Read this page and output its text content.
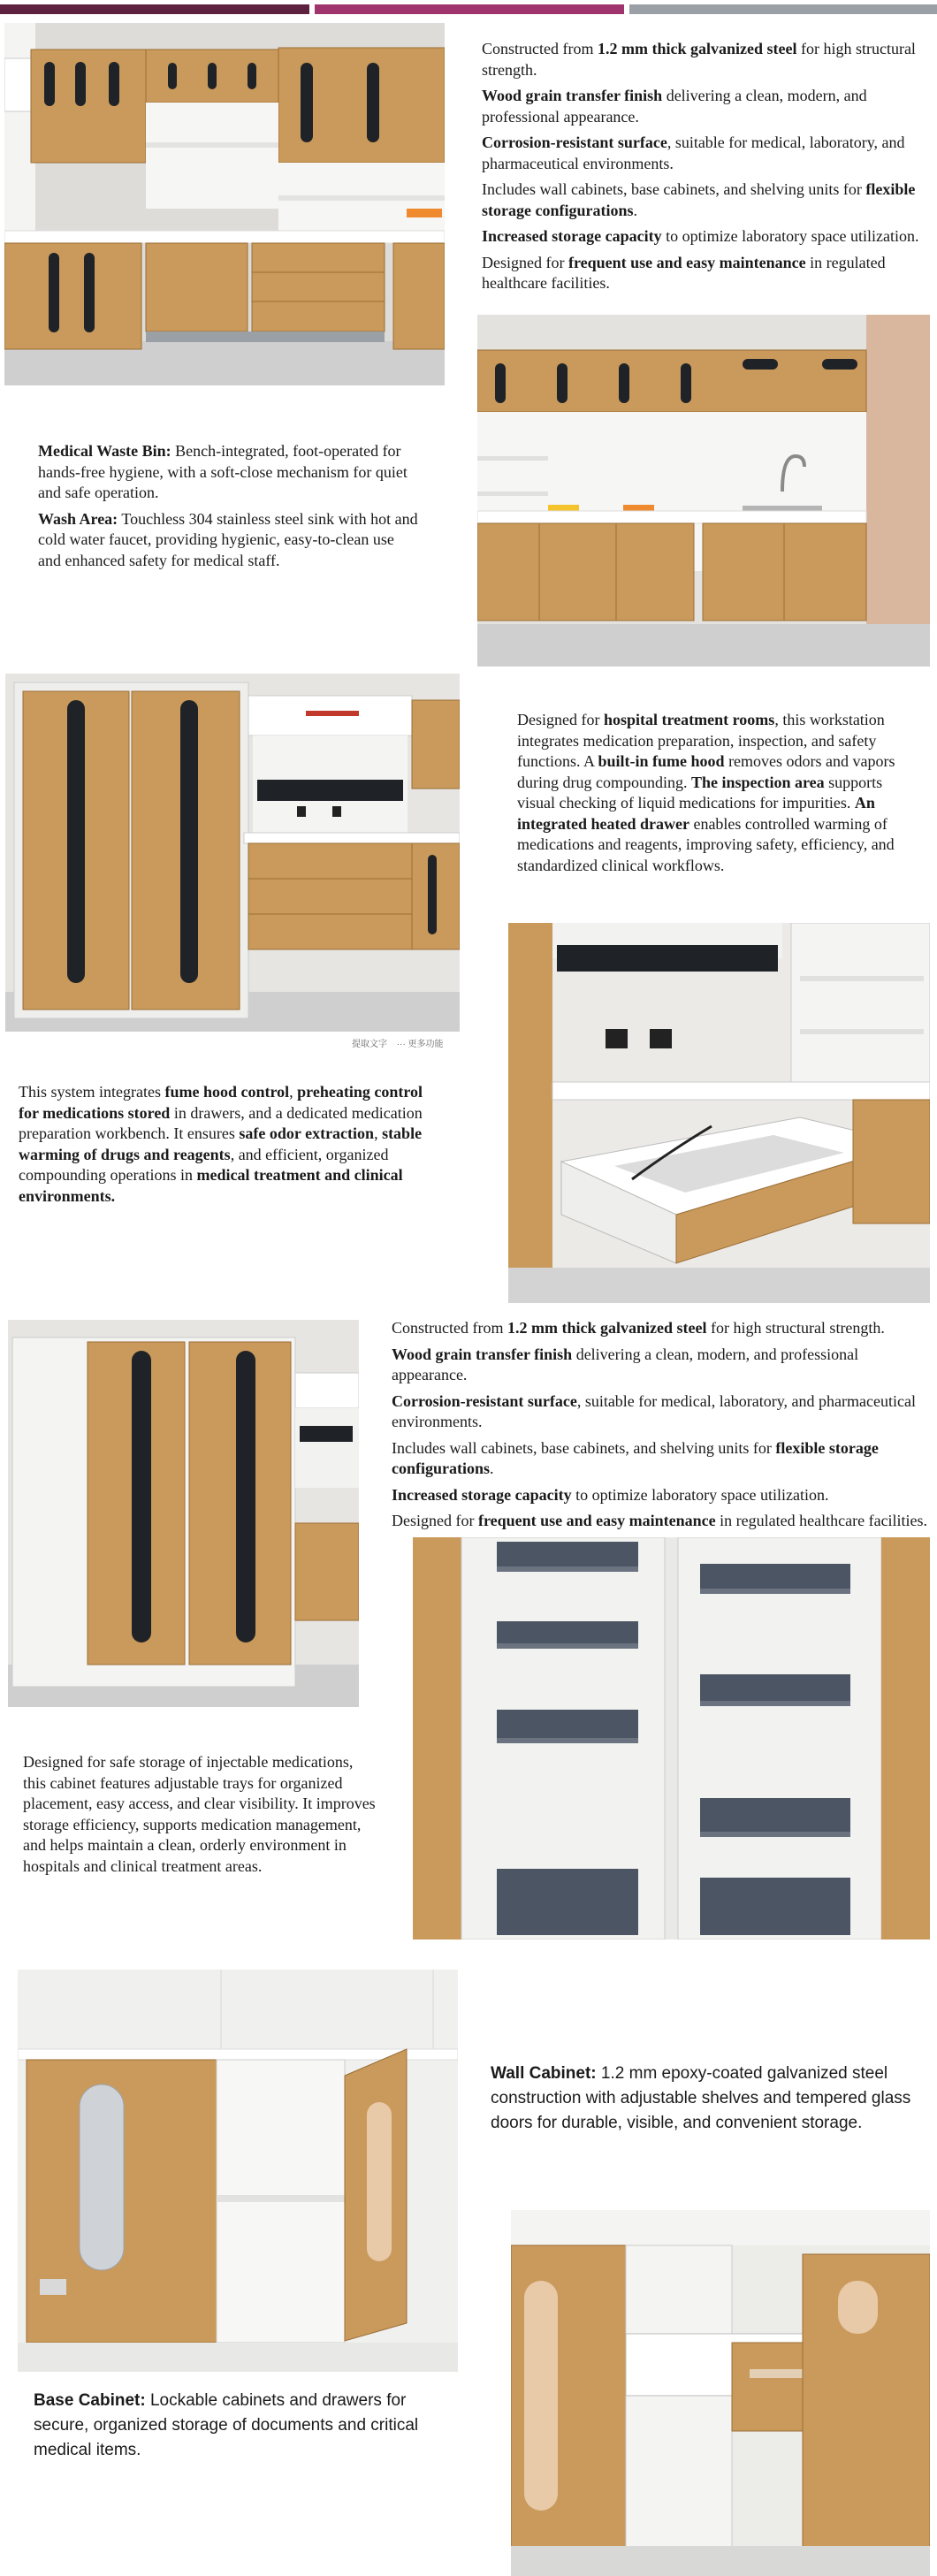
Constructed from 1.2 mm thick galvanized steel for high structural strength.
Wood grain transfer finish delivering a clean, modern, and professional appearance.
Corrosion-resistant surface, suitable for medical, laboratory, and pharmaceutical environments.
Includes wall cabinets, base cabinets, and shelving units for flexible storage configurations.
Increased storage capacity to optimize laboratory space utilization.
Designed for frequent use and easy maintenance in regulated healthcare facilities.
Medical Waste Bin: Bench-integrated, foot-operated for hands-free hygiene, with a soft-close mechanism for quiet and safe operation.
Wash Area: Touchless 304 stainless steel sink with hot and cold water faucet, providing hygienic, easy-to-clean use and enhanced safety for medical staff.
提取文字 ··· 更多功能
Designed for hospital treatment rooms, this workstation integrates medication preparation, inspection, and safety functions. A built-in fume hood removes odors and vapors during drug compounding. The inspection area supports visual checking of liquid medications for impurities. An integrated heated drawer enables controlled warming of medications and reagents, improving safety, efficiency, and standardized clinical workflows.
This system integrates fume hood control, preheating control for medications stored in drawers, and a dedicated medication preparation workbench. It ensures safe odor extraction, stable warming of drugs and reagents, and efficient, organized compounding operations in medical treatment and clinical environments.
Constructed from 1.2 mm thick galvanized steel for high structural strength.
Wood grain transfer finish delivering a clean, modern, and professional appearance.
Corrosion-resistant surface, suitable for medical, laboratory, and pharmaceutical environments.
Includes wall cabinets, base cabinets, and shelving units for flexible storage configurations.
Increased storage capacity to optimize laboratory space utilization.
Designed for frequent use and easy maintenance in regulated healthcare facilities.
Designed for safe storage of injectable medications, this cabinet features adjustable trays for organized placement, easy access, and clear visibility. It improves storage efficiency, supports medication management, and helps maintain a clean, orderly environment in hospitals and clinical treatment areas.
Wall Cabinet: 1.2 mm epoxy-coated galvanized steel construction with adjustable shelves and tempered glass doors for durable, visible, and convenient storage.
Base Cabinet: Lockable cabinets and drawers for secure, organized storage of documents and critical medical items.
